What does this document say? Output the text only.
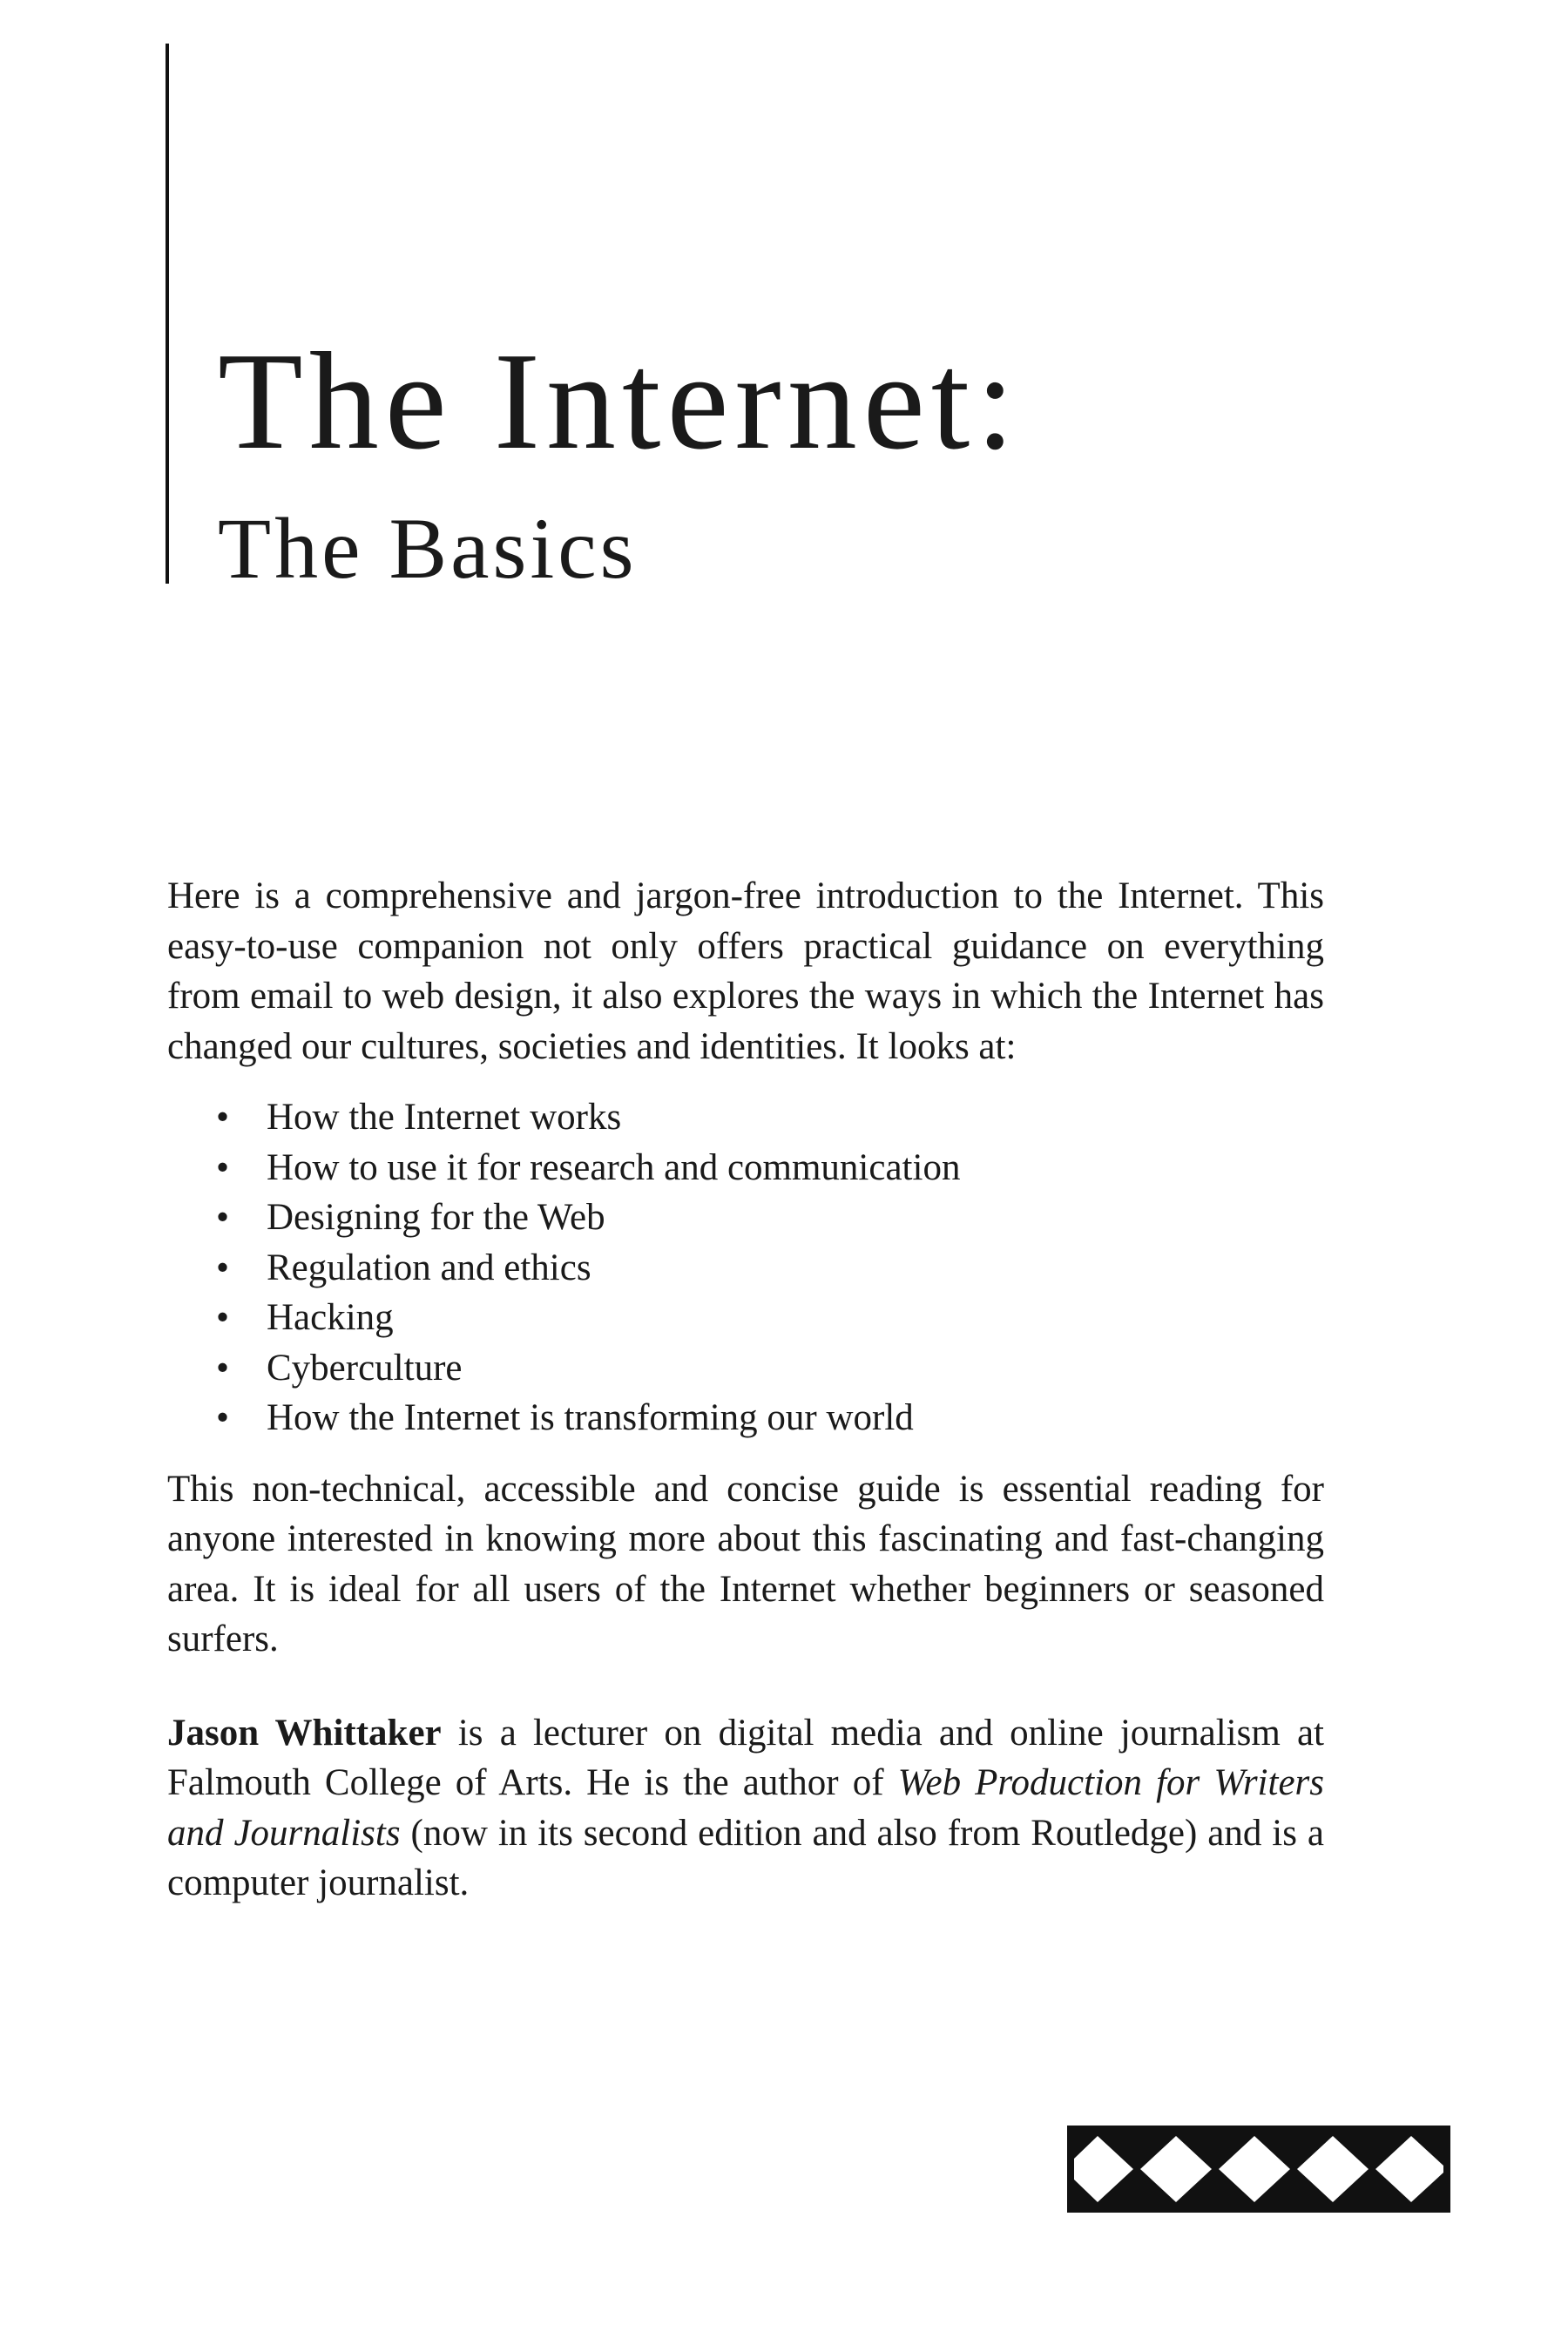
The Internet:
The Basics

Here is a comprehensive and jargon-free introduction to the Internet. This easy-to-use companion not only offers practical guidance on everything from email to web design, it also explores the ways in which the Internet has changed our cultures, societies and identities. It looks at:

• How the Internet works
• How to use it for research and communication
• Designing for the Web
• Regulation and ethics
• Hacking
• Cyberculture
• How the Internet is transforming our world

This non-technical, accessible and concise guide is essential reading for anyone interested in knowing more about this fascinating and fast-changing area. It is ideal for all users of the Internet whether beginners or seasoned surfers.

Jason Whittaker is a lecturer on digital media and online journalism at Falmouth College of Arts. He is the author of Web Production for Writers and Journalists (now in its second edition and also from Routledge) and is a computer journalist.
